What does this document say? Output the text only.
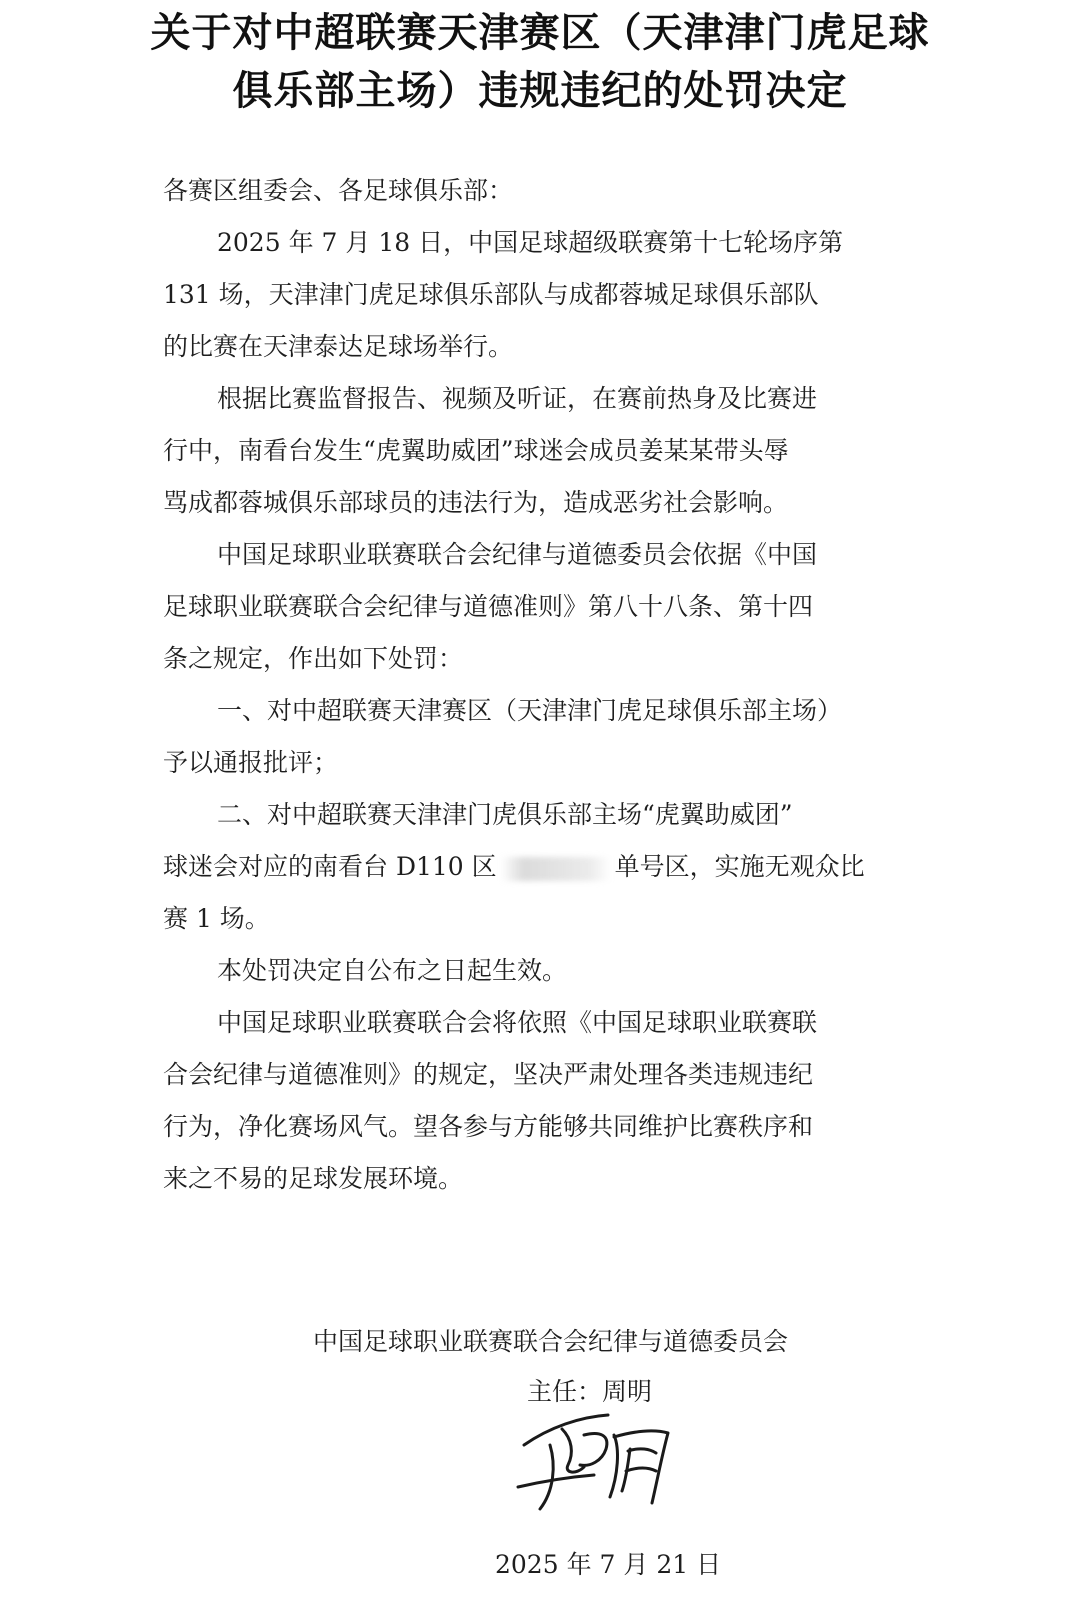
关于对中超联赛天津赛区（天津津门虎足球
俱乐部主场）违规违纪的处罚决定

各赛区组委会、各足球俱乐部：

2025 年 7 月 18 日，中国足球超级联赛第十七轮场序第
131 场，天津津门虎足球俱乐部队与成都蓉城足球俱乐部队
的比赛在天津泰达足球场举行。

根据比赛监督报告、视频及听证，在赛前热身及比赛进
行中，南看台发生“虎翼助威团”球迷会成员姜某某带头辱
骂成都蓉城俱乐部球员的违法行为，造成恶劣社会影响。

中国足球职业联赛联合会纪律与道德委员会依据《中国
足球职业联赛联合会纪律与道德准则》第八十八条、第十四
条之规定，作出如下处罚：

一、对中超联赛天津赛区（天津津门虎足球俱乐部主场）
予以通报批评；

二、对中超联赛天津津门虎俱乐部主场“虎翼助威团”
球迷会对应的南看台 D110 区	单号区，实施无观众比
赛 1 场。

本处罚决定自公布之日起生效。

中国足球职业联赛联合会将依照《中国足球职业联赛联
合会纪律与道德准则》的规定，坚决严肃处理各类违规违纪
行为，净化赛场风气。望各参与方能够共同维护比赛秩序和
来之不易的足球发展环境。

中国足球职业联赛联合会纪律与道德委员会
主任：周明
2025 年 7 月 21 日
